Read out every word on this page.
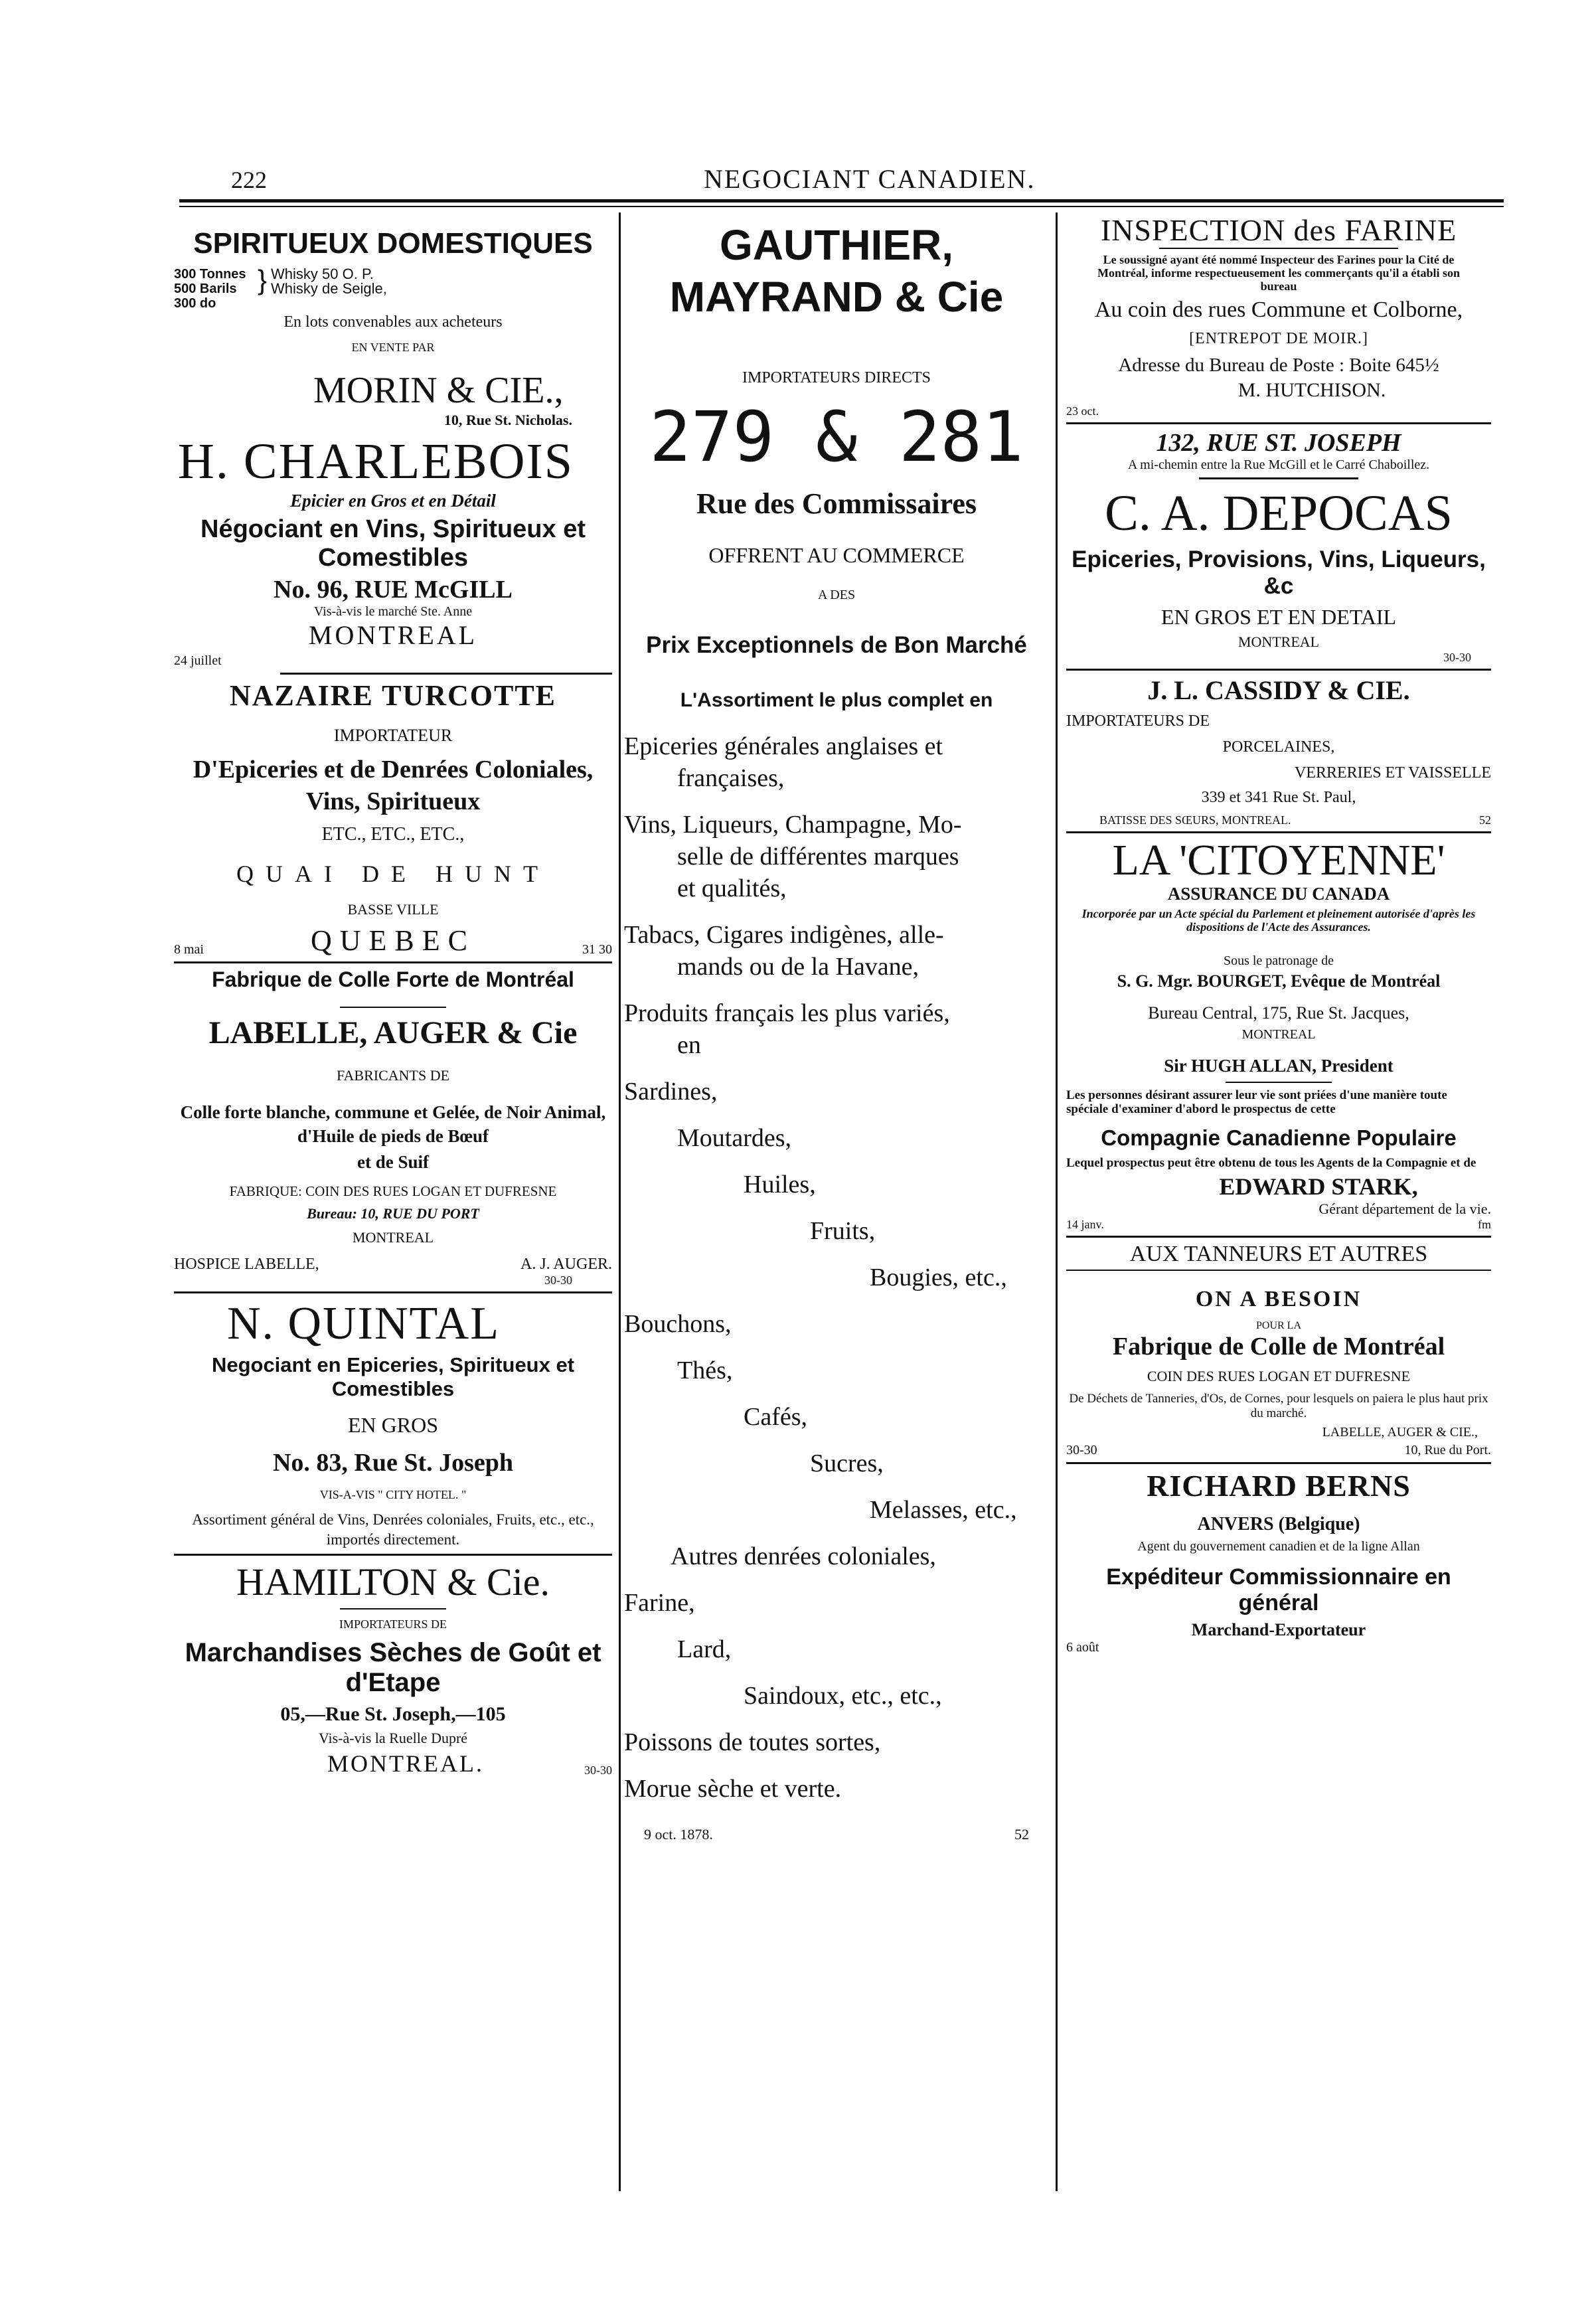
222	NEGOCIANT CANADIEN.
SPIRITUEUX DOMESTIQUES
300 Tonnes
500 Barils
300 do
} Whisky 50 O. P.
Whisky de Seigle,
En lots convenables aux acheteurs
EN VENTE PAR
MORIN & CIE.,
10, Rue St. Nicholas.
H. CHARLEBOIS
Epicier en Gros et en Détail
Négociant en Vins, Spiritueux et Comestibles
No. 96, RUE McGILL
Vis-à-vis le marché Ste. Anne
MONTREAL
24 juillet
NAZAIRE TURCOTTE
IMPORTATEUR
D'Epiceries et de Denrées Coloniales, Vins, Spiritueux
ETC., ETC., ETC.,
QUAI DE HUNT
BASSE VILLE
8 mai	QUEBEC	31 30
Fabrique de Colle Forte de Montréal
LABELLE, AUGER & Cie
FABRICANTS DE
Colle forte blanche, commune et Gelée, de Noir Animal, d'Huile de pieds de Bœuf
et de Suif
FABRIQUE: COIN DES RUES LOGAN ET DUFRESNE
Bureau: 10, RUE DU PORT
MONTREAL
HOSPICE LABELLE,	A. J. AUGER.
30-30
N. QUINTAL
Negociant en Epiceries, Spiritueux et Comestibles
EN GROS
No. 83, Rue St. Joseph
VIS-A-VIS " CITY HOTEL. "
Assortiment général de Vins, Denrées coloniales, Fruits, etc., etc., importés directement.
HAMILTON & Cie.
IMPORTATEURS DE
Marchandises Sèches de Goût et d'Etape
05,—Rue St. Joseph,—105
Vis-à-vis la Ruelle Dupré
MONTREAL.	30-30
GAUTHIER, MAYRAND & Cie
IMPORTATEURS DIRECTS
279 & 281
Rue des Commissaires
OFFRENT AU COMMERCE
A DES
Prix Exceptionnels de Bon Marché
L'Assortiment le plus complet en
Epiceries générales anglaises et
françaises,
Vins, Liqueurs, Champagne, Mo-
selle de différentes marques
et qualités,
Tabacs, Cigares indigènes, alle-
mands ou de la Havane,
Produits français les plus variés,
en
Sardines,
Moutardes,
Huiles,
Fruits,
Bougies, etc.,
Bouchons,
Thés,
Cafés,
Sucres,
Melasses, etc.,
Autres denrées coloniales,
Farine,
Lard,
Saindoux, etc., etc.,
Poissons de toutes sortes,
Morue sèche et verte.
9 oct. 1878.	52
INSPECTION des FARINE
Le soussigné ayant été nommé Inspecteur des Farines pour la Cité de Montréal, informe respectueusement les commerçants qu'il a établi son bureau
Au coin des rues Commune et Colborne,
[ENTREPOT DE MOIR.]
Adresse du Bureau de Poste : Boite 645½
M. HUTCHISON.
23 oct.
132, RUE ST. JOSEPH
A mi-chemin entre la Rue McGill et le Carré Chaboillez.
C. A. DEPOCAS
Epiceries, Provisions, Vins, Liqueurs, &c
EN GROS ET EN DETAIL
MONTREAL
30-30
J. L. CASSIDY & CIE.
IMPORTATEURS DE
PORCELAINES,
VERRERIES ET VAISSELLE
339 et 341 Rue St. Paul,
BATISSE DES SŒURS, MONTREAL.	52
LA 'CITOYENNE'
ASSURANCE DU CANADA
Incorporée par un Acte spécial du Parlement et pleinement autorisée d'après les dispositions de l'Acte des Assurances.
Sous le patronage de
S. G. Mgr. BOURGET, Evêque de Montréal
Bureau Central, 175, Rue St. Jacques,
MONTREAL
Sir HUGH ALLAN, President
Les personnes désirant assurer leur vie sont priées d'une manière toute spéciale d'examiner d'abord le prospectus de cette
Compagnie Canadienne Populaire
Lequel prospectus peut être obtenu de tous les Agents de la Compagnie et de
EDWARD STARK,
Gérant département de la vie.
14 janv.	fm
AUX TANNEURS ET AUTRES
ON A BESOIN
POUR LA
Fabrique de Colle de Montréal
COIN DES RUES LOGAN ET DUFRESNE
De Déchets de Tanneries, d'Os, de Cornes, pour lesquels on paiera le plus haut prix du marché.
LABELLE, AUGER & CIE.,
30-30	10, Rue du Port.
RICHARD BERNS
ANVERS (Belgique)
Agent du gouvernement canadien et de la ligne Allan
Expéditeur Commissionnaire en général
Marchand-Exportateur
6 août
